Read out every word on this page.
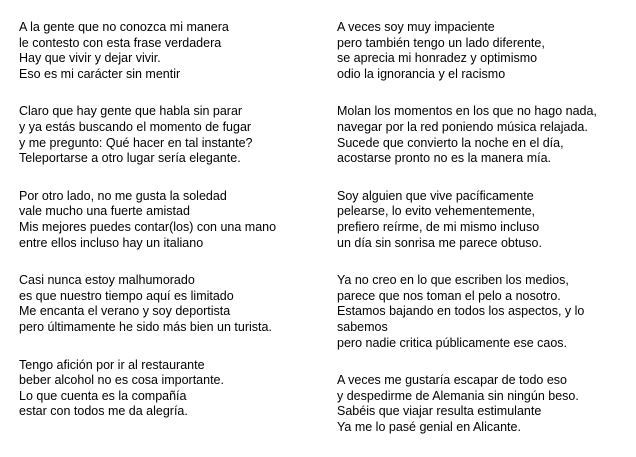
A la gente que no conozca mi manera
le contesto con esta frase verdadera
Hay que vivir y dejar vivir.
Eso es mi carácter sin mentir
Claro que hay gente que habla sin parar
y ya estás buscando el momento de fugar
y me pregunto: Qué hacer en tal instante?
Teleportarse a otro lugar sería elegante.
Por otro lado, no me gusta la soledad
vale mucho una fuerte amistad
Mis mejores puedes contar(los) con una mano
entre ellos incluso hay un italiano
Casi nunca estoy malhumorado
es que nuestro tiempo aquí es limitado
Me encanta el verano y soy deportista
pero últimamente he sido más bien un turista.
Tengo afición por ir al restaurante
beber alcohol no es cosa importante.
Lo que cuenta es la compañía
estar con todos me da alegría.
A veces soy muy impaciente
pero también tengo un lado diferente,
se aprecia mi honradez y optimismo
odio la ignorancia y el racismo
Molan los momentos en los que no hago nada,
navegar por la red poniendo música relajada.
Sucede que convierto la noche en el día,
acostarse pronto no es la manera mía.
Soy alguien que vive pacíficamente
pelearse, lo evito vehementemente,
prefiero reírme, de mi mismo incluso
un día sin sonrisa me parece obtuso.
Ya no creo en lo que escriben los medios,
parece que nos toman el pelo a nosotro.
Estamos bajando en todos los aspectos, y lo
sabemos
pero nadie critica públicamente ese caos.
A veces me gustaría escapar de todo eso
y despedirme de Alemania sin ningún beso.
Sabéis que viajar resulta estimulante
Ya me lo pasé genial en Alicante.
